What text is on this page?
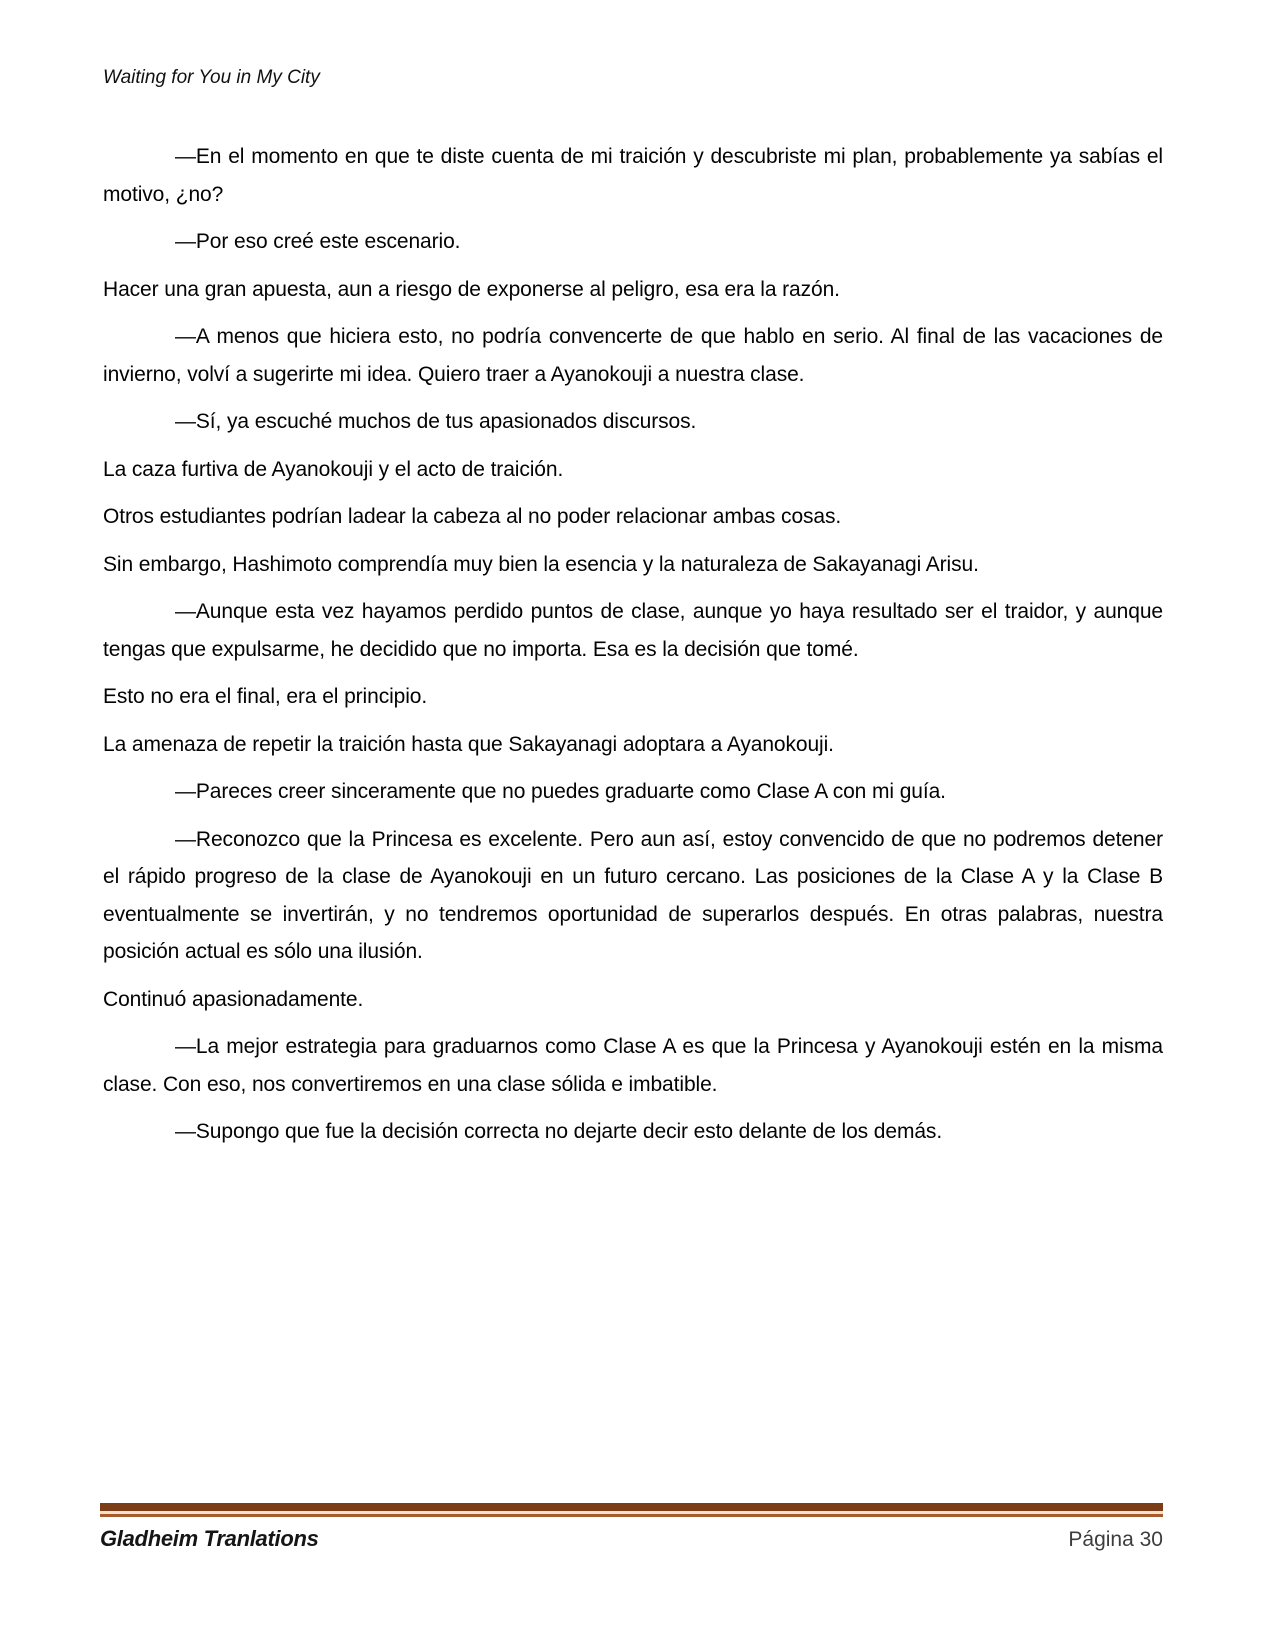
Waiting for You in My City

—En el momento en que te diste cuenta de mi traición y descubriste mi plan, probablemente ya sabías el motivo, ¿no?

—Por eso creé este escenario.

Hacer una gran apuesta, aun a riesgo de exponerse al peligro, esa era la razón.

—A menos que hiciera esto, no podría convencerte de que hablo en serio. Al final de las vacaciones de invierno, volví a sugerirte mi idea. Quiero traer a Ayanokouji a nuestra clase.

—Sí, ya escuché muchos de tus apasionados discursos.

La caza furtiva de Ayanokouji y el acto de traición.

Otros estudiantes podrían ladear la cabeza al no poder relacionar ambas cosas.

Sin embargo, Hashimoto comprendía muy bien la esencia y la naturaleza de Sakayanagi Arisu.

—Aunque esta vez hayamos perdido puntos de clase, aunque yo haya resultado ser el traidor, y aunque tengas que expulsarme, he decidido que no importa. Esa es la decisión que tomé.

Esto no era el final, era el principio.

La amenaza de repetir la traición hasta que Sakayanagi adoptara a Ayanokouji.

—Pareces creer sinceramente que no puedes graduarte como Clase A con mi guía.

—Reconozco que la Princesa es excelente. Pero aun así, estoy convencido de que no podremos detener el rápido progreso de la clase de Ayanokouji en un futuro cercano. Las posiciones de la Clase A y la Clase B eventualmente se invertirán, y no tendremos oportunidad de superarlos después. En otras palabras, nuestra posición actual es sólo una ilusión.

Continuó apasionadamente.

—La mejor estrategia para graduarnos como Clase A es que la Princesa y Ayanokouji estén en la misma clase. Con eso, nos convertiremos en una clase sólida e imbatible.

—Supongo que fue la decisión correcta no dejarte decir esto delante de los demás.

Gladheim Tranlations	Página 30
